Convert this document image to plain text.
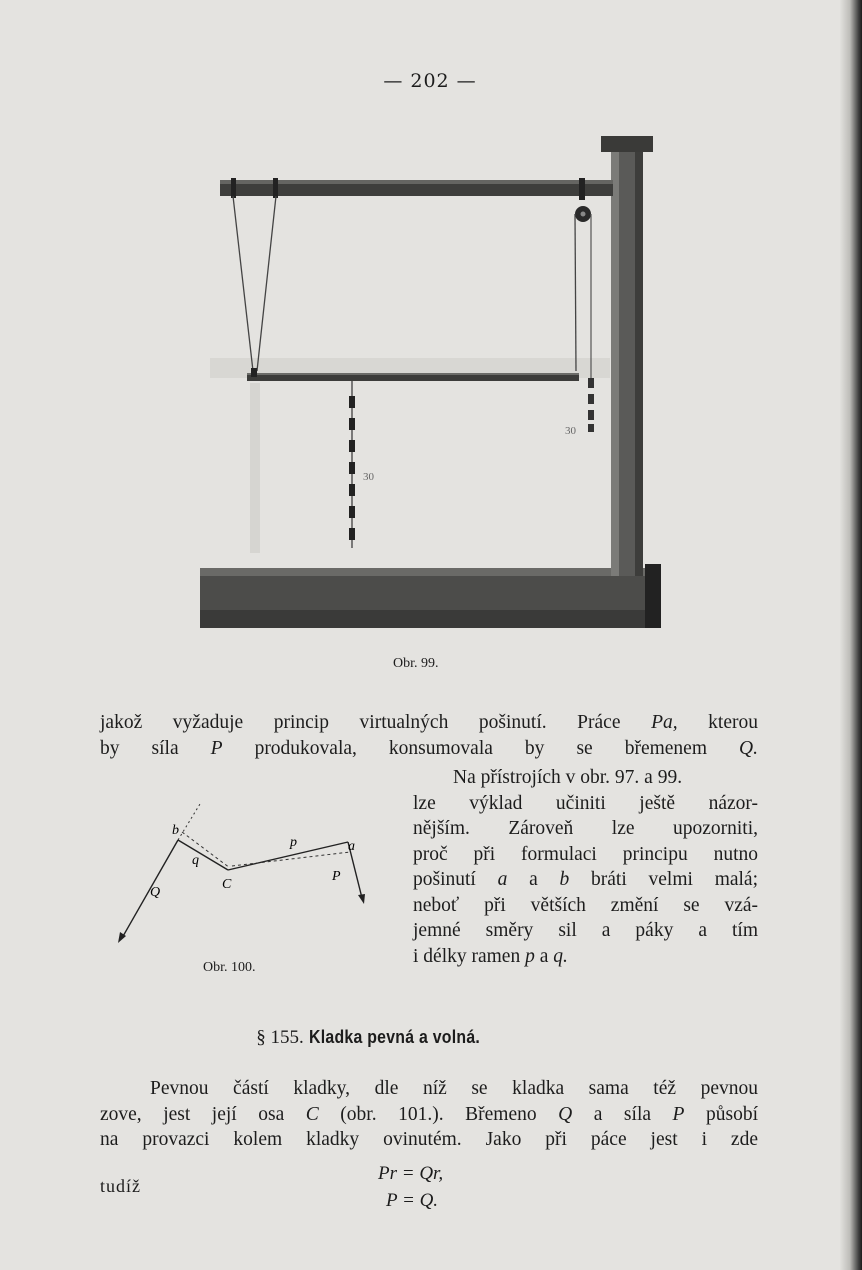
— 202 —
30
30
Obr. 99.

jakož vyžaduje princip virtualných pošinutí. Práce Pa, kterou
by síla P produkovala, konsumovala by se břemenem Q.

b
a
p
q
C
P
Q
Obr. 100.

Na přístrojích v obr. 97. a 99.
lze výklad učiniti ještě názor-
nějším. Zároveň lze upozorniti,
proč při formulaci principu nutno
pošinutí a a b bráti velmi malá;
neboť při větších změní se vzá-
jemné směry sil a páky a tím
i délky ramen p a q.

§ 155. Kladka pevná a volná.

Pevnou částí kladky, dle níž se kladka sama též pevnou
zove, jest její osa C (obr. 101.). Břemeno Q a síla P působí
na provazci kolem kladky ovinutém. Jako při páce jest i zde

tudíž
Pr = Qr,
P = Q.
